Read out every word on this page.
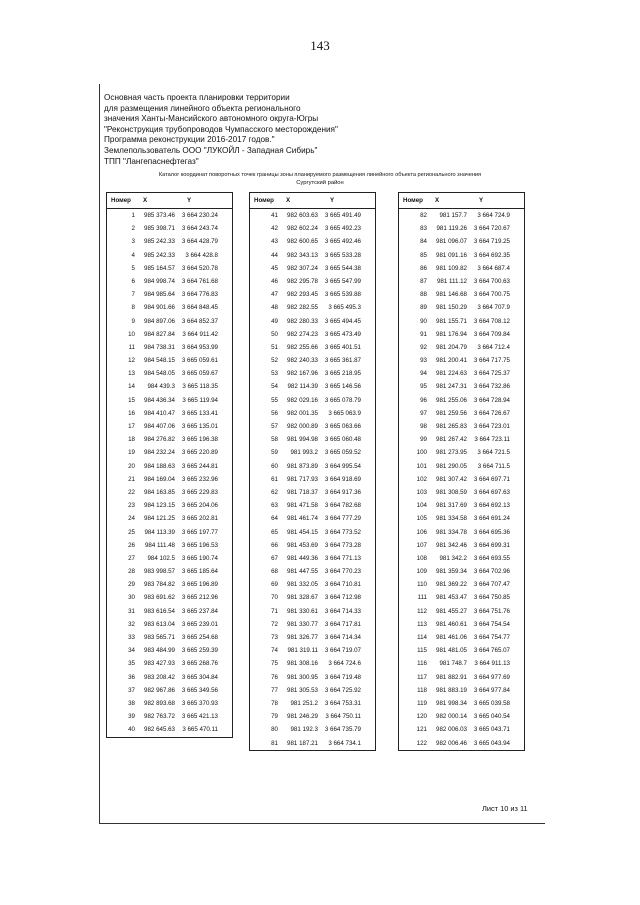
143
Основная часть проекта планировки территории
для размещения линейного объекта регионального
значения Ханты-Мансийского автономного округа-Югры
"Реконструкция трубопроводов Чумпасского месторождения"
Программа реконструкции 2016-2017 годов."
Землепользователь ООО "ЛУКОЙЛ - Западная Сибирь"
ТПП "Лангепаснефтегаз"
Каталог координат поворотных точек границы зоны планируемого размещения линейного объекта регионального значения
Сургутский район
Номер	X	Y
1	985 373.46	3 664 230.24
2	985 398.71	3 664 243.74
3	985 242.33	3 664 428.79
4	985 242.33	3 664 428.8
5	985 164.57	3 664 520.78
6	984 998.74	3 664 761.68
7	984 985.64	3 664 776.83
8	984 901.66	3 664 848.45
9	984 897.06	3 664 852.37
10	984 827.84	3 664 911.42
11	984 738.31	3 664 953.99
12	984 548.15	3 665 059.61
13	984 548.05	3 665 059.67
14	984 439.3	3 665 118.35
15	984 436.34	3 665 119.94
16	984 410.47	3 665 133.41
17	984 407.06	3 665 135.01
18	984 276.82	3 665 196.38
19	984 232.24	3 665 220.89
20	984 188.63	3 665 244.81
21	984 169.04	3 665 232.96
22	984 163.85	3 665 229.83
23	984 123.15	3 665 204.06
24	984 121.25	3 665 202.81
25	984 113.39	3 665 197.77
26	984 111.48	3 665 196.53
27	984 102.5	3 665 190.74
28	983 998.57	3 665 185.64
29	983 784.82	3 665 196.89
30	983 691.62	3 665 212.96
31	983 616.54	3 665 237.84
32	983 613.04	3 665 239.01
33	983 565.71	3 665 254.68
34	983 484.99	3 665 259.39
35	983 427.93	3 665 268.76
36	983 208.42	3 665 304.84
37	982 967.86	3 665 349.56
38	982 893.68	3 665 370.93
39	982 763.72	3 665 421.13
40	982 645.63	3 665 470.11
Номер	X	Y
41	982 603.63	3 665 491.49
42	982 602.24	3 665 492.23
43	982 600.65	3 665 492.46
44	982 343.13	3 665 533.28
45	982 307.24	3 665 544.38
46	982 295.78	3 665 547.99
47	982 293.45	3 665 539.88
48	982 282.55	3 665 495.3
49	982 280.33	3 665 494.45
50	982 274.23	3 665 473.49
51	982 255.66	3 665 401.51
52	982 240.33	3 665 361.87
53	982 167.96	3 665 218.95
54	982 114.39	3 665 146.56
55	982 029.16	3 665 078.79
56	982 001.35	3 665 063.9
57	982 000.89	3 665 063.66
58	981 994.98	3 665 060.48
59	981 993.2	3 665 059.52
60	981 873.89	3 664 995.54
61	981 717.93	3 664 918.69
62	981 718.37	3 664 917.36
63	981 471.58	3 664 782.68
64	981 461.74	3 664 777.29
65	981 454.15	3 664 773.52
66	981 453.69	3 664 773.28
67	981 449.36	3 664 771.13
68	981 447.55	3 664 770.23
69	981 332.05	3 664 710.81
70	981 328.67	3 664 712.98
71	981 330.61	3 664 714.33
72	981 330.77	3 664 717.81
73	981 326.77	3 664 714.34
74	981 319.11	3 664 719.07
75	981 308.16	3 664 724.6
76	981 300.95	3 664 719.48
77	981 305.53	3 664 725.92
78	981 251.2	3 664 753.31
79	981 246.29	3 664 750.11
80	981 192.3	3 664 735.79
81	981 187.21	3 664 734.1
Номер	X	Y
82	981 157.7	3 664 724.9
83	981 119.26	3 664 720.67
84	981 096.07	3 664 719.25
85	981 091.16	3 664 692.35
86	981 109.82	3 664 687.4
87	981 111.12	3 664 700.63
88	981 146.68	3 664 700.75
89	981 150.29	3 664 707.9
90	981 155.71	3 664 708.12
91	981 176.94	3 664 709.84
92	981 204.79	3 664 712.4
93	981 200.41	3 664 717.75
94	981 224.63	3 664 725.37
95	981 247.31	3 664 732.86
96	981 255.06	3 664 728.94
97	981 259.56	3 664 726.67
98	981 265.83	3 664 723.01
99	981 267.42	3 664 723.11
100	981 273.95	3 664 721.5
101	981 290.05	3 664 711.5
102	981 307.42	3 664 697.71
103	981 308.59	3 664 697.63
104	981 317.69	3 664 692.13
105	981 334.58	3 664 691.24
106	981 334.78	3 664 695.36
107	981 342.46	3 664 699.31
108	981 342.2	3 664 693.55
109	981 359.34	3 664 702.96
110	981 369.22	3 664 707.47
111	981 453.47	3 664 750.85
112	981 455.27	3 664 751.76
113	981 460.61	3 664 754.54
114	981 461.06	3 664 754.77
115	981 481.05	3 664 765.07
116	981 748.7	3 664 911.13
117	981 882.91	3 664 977.69
118	981 883.19	3 664 977.84
119	981 998.34	3 665 039.58
120	982 000.14	3 665 040.54
121	982 006.03	3 665 043.71
122	982 006.46	3 665 043.94
Лист 10 из 11
